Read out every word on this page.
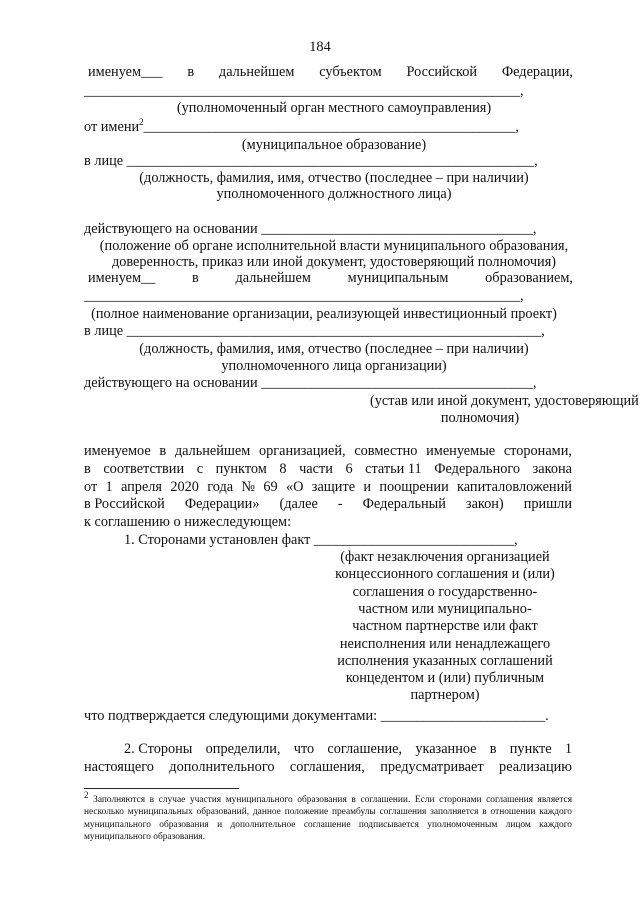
184
именуем___ в дальнейшем субъектом Российской Федерации,
_____________________________________________________________,
(уполномоченный орган местного самоуправления)
от имени$^2$____________________________________________________,
(муниципальное образование)
в лице _________________________________________________________,
(должность, фамилия, имя, отчество (последнее – при наличии)
уполномоченного должностного лица)
действующего на основании ______________________________________,
(положение об органе исполнительной власти муниципального образования,
доверенность, приказ или иной документ, удостоверяющий полномочия)
именуем__	в	дальнейшем	муниципальным	образованием,
_____________________________________________________________,
(полное наименование организации, реализующей инвестиционный проект)
в лице __________________________________________________________,
(должность, фамилия, имя, отчество (последнее – при наличии)
уполномоченного лица организации)
действующего на основании ______________________________________,
(устав или иной документ, удостоверяющий
полномочия)
именуемое в дальнейшем организацией, совместно именуемые сторонами,
в соответствии с пунктом 8 части 6 статьи 11 Федерального закона
от 1 апреля 2020 года № 69 «О защите и поощрении капиталовложений
в Российской Федерации» (далее - Федеральный закон) пришли
к соглашению о нижеследующем:
1. Сторонами установлен факт ____________________________,
(факт незаключения организацией
концессионного соглашения и (или)
соглашения о государственно-
частном или муниципально-
частном партнерстве или факт
неисполнения или ненадлежащего
исполнения указанных соглашений
концедентом и (или) публичным
партнером)
что подтверждается следующими документами: _______________________.
2. Стороны определили, что соглашение, указанное в пункте 1
настоящего дополнительного соглашения, предусматривает реализацию
$^2$ Заполняются в случае участия муниципального образования в соглашении. Если сторонами соглашения является несколько муниципальных образований, данное положение преамбулы соглашения заполняется в отношении каждого муниципального образования и дополнительное соглашение подписывается уполномоченным лицом каждого муниципального образования.
